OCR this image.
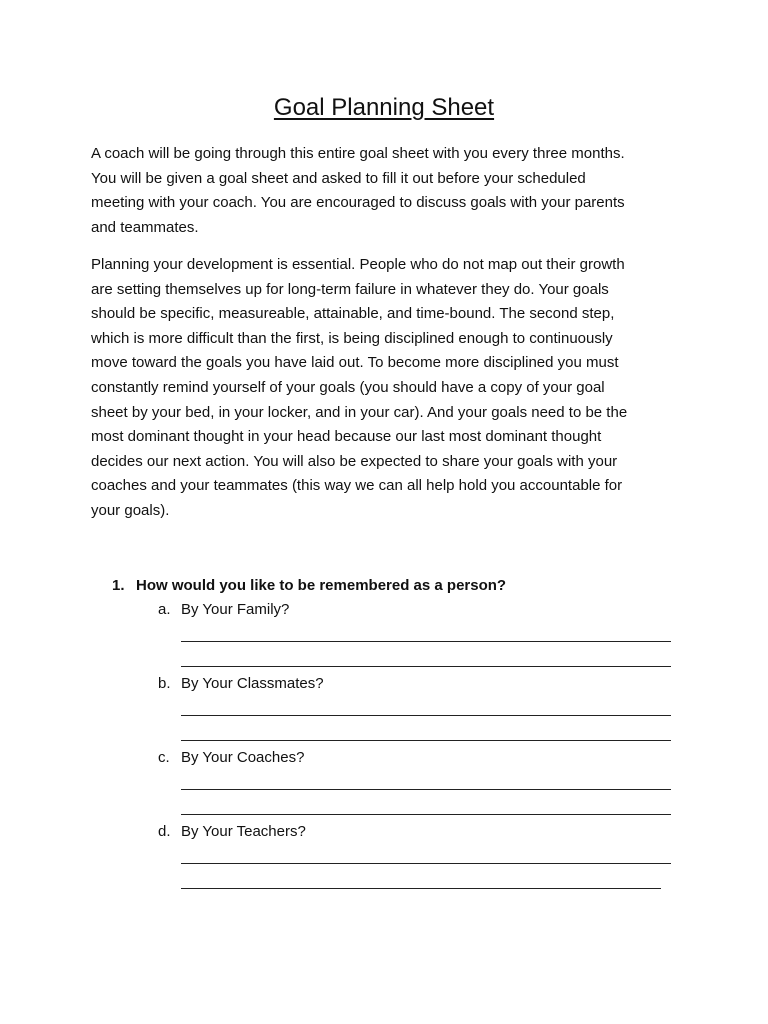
Goal Planning Sheet

A coach will be going through this entire goal sheet with you every three months.
You will be given a goal sheet and asked to fill it out before your scheduled
meeting with your coach. You are encouraged to discuss goals with your parents
and teammates.

Planning your development is essential. People who do not map out their growth
are setting themselves up for long-term failure in whatever they do. Your goals
should be specific, measureable, attainable, and time-bound. The second step,
which is more difficult than the first, is being disciplined enough to continuously
move toward the goals you have laid out. To become more disciplined you must
constantly remind yourself of your goals (you should have a copy of your goal
sheet by your bed, in your locker, and in your car). And your goals need to be the
most dominant thought in your head because our last most dominant thought
decides our next action. You will also be expected to share your goals with your
coaches and your teammates (this way we can all help hold you accountable for
your goals).

1. How would you like to be remembered as a person?
a. By Your Family?
b. By Your Classmates?
c. By Your Coaches?
d. By Your Teachers?
